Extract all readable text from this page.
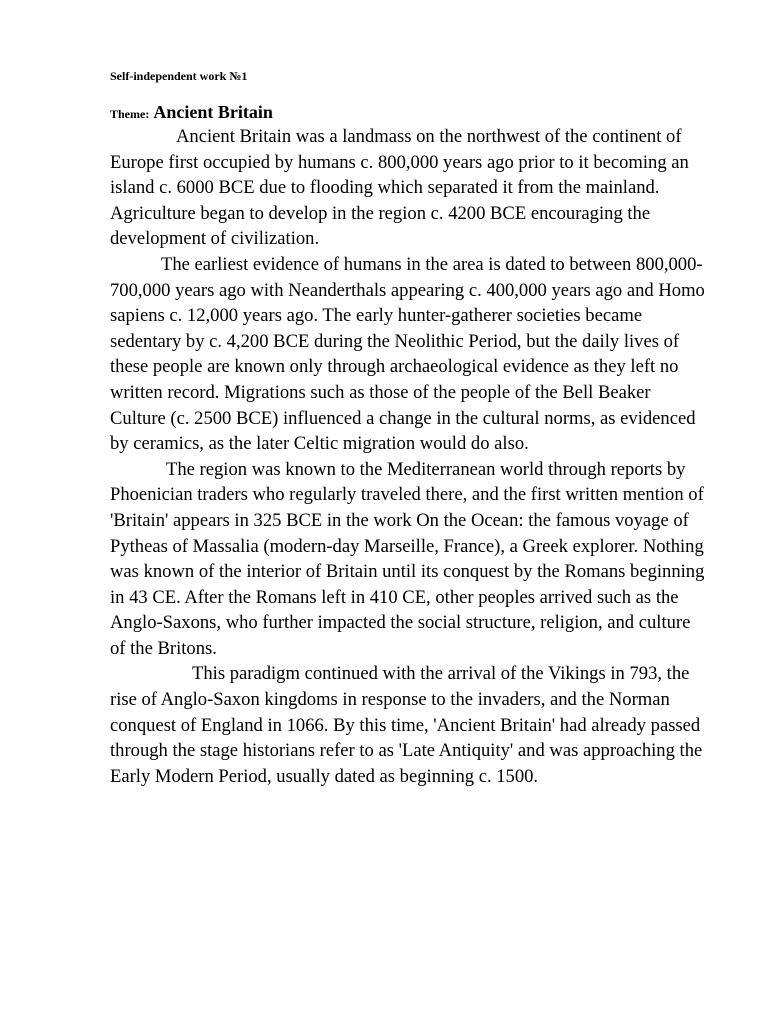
Self-independent work №1

Theme: Ancient Britain

Ancient Britain was a landmass on the northwest of the continent of Europe first occupied by humans c. 800,000 years ago prior to it becoming an island c. 6000 BCE due to flooding which separated it from the mainland. Agriculture began to develop in the region c. 4200 BCE encouraging the development of civilization.

The earliest evidence of humans in the area is dated to between 800,000-700,000 years ago with Neanderthals appearing c. 400,000 years ago and Homo sapiens c. 12,000 years ago. The early hunter-gatherer societies became sedentary by c. 4,200 BCE during the Neolithic Period, but the daily lives of these people are known only through archaeological evidence as they left no written record. Migrations such as those of the people of the Bell Beaker Culture (c. 2500 BCE) influenced a change in the cultural norms, as evidenced by ceramics, as the later Celtic migration would do also.

The region was known to the Mediterranean world through reports by Phoenician traders who regularly traveled there, and the first written mention of 'Britain' appears in 325 BCE in the work On the Ocean: the famous voyage of Pytheas of Massalia (modern-day Marseille, France), a Greek explorer. Nothing was known of the interior of Britain until its conquest by the Romans beginning in 43 CE. After the Romans left in 410 CE, other peoples arrived such as the Anglo-Saxons, who further impacted the social structure, religion, and culture of the Britons.

This paradigm continued with the arrival of the Vikings in 793, the rise of Anglo-Saxon kingdoms in response to the invaders, and the Norman conquest of England in 1066. By this time, 'Ancient Britain' had already passed through the stage historians refer to as 'Late Antiquity' and was approaching the Early Modern Period, usually dated as beginning c. 1500.
